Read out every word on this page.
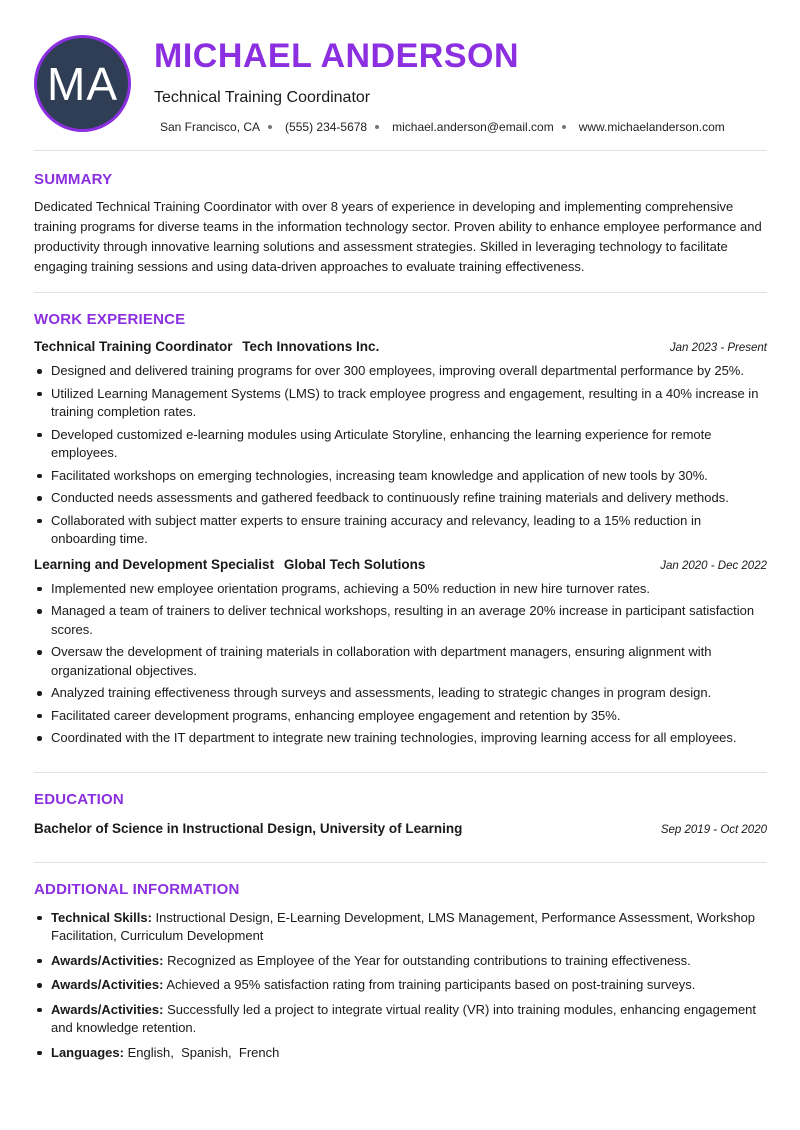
MA
MICHAEL ANDERSON
Technical Training Coordinator
San Francisco, CA (555) 234-5678 michael.anderson@email.com www.michaelanderson.com
SUMMARY

Dedicated Technical Training Coordinator with over 8 years of experience in developing and implementing comprehensive training programs for diverse teams in the information technology sector. Proven ability to enhance employee performance and productivity through innovative learning solutions and assessment strategies. Skilled in leveraging technology to facilitate engaging training sessions and using data-driven approaches to evaluate training effectiveness.

WORK EXPERIENCE
Technical Training Coordinator Tech Innovations Inc.	Jan 2023 - Present
Designed and delivered training programs for over 300 employees, improving overall departmental performance by 25%.
Utilized Learning Management Systems (LMS) to track employee progress and engagement, resulting in a 40% increase in training completion rates.
Developed customized e-learning modules using Articulate Storyline, enhancing the learning experience for remote employees.
Facilitated workshops on emerging technologies, increasing team knowledge and application of new tools by 30%.
Conducted needs assessments and gathered feedback to continuously refine training materials and delivery methods.
Collaborated with subject matter experts to ensure training accuracy and relevancy, leading to a 15% reduction in onboarding time.
Learning and Development Specialist Global Tech Solutions	Jan 2020 - Dec 2022
Implemented new employee orientation programs, achieving a 50% reduction in new hire turnover rates.
Managed a team of trainers to deliver technical workshops, resulting in an average 20% increase in participant satisfaction scores.
Oversaw the development of training materials in collaboration with department managers, ensuring alignment with organizational objectives.
Analyzed training effectiveness through surveys and assessments, leading to strategic changes in program design.
Facilitated career development programs, enhancing employee engagement and retention by 35%.
Coordinated with the IT department to integrate new training technologies, improving learning access for all employees.
EDUCATION
Bachelor of Science in Instructional Design, University of Learning	Sep 2019 - Oct 2020
ADDITIONAL INFORMATION
Technical Skills: Instructional Design, E-Learning Development, LMS Management, Performance Assessment, Workshop Facilitation, Curriculum Development
Awards/Activities: Recognized as Employee of the Year for outstanding contributions to training effectiveness.
Awards/Activities: Achieved a 95% satisfaction rating from training participants based on post-training surveys.
Awards/Activities: Successfully led a project to integrate virtual reality (VR) into training modules, enhancing engagement and knowledge retention.
Languages: English,  Spanish,  French
